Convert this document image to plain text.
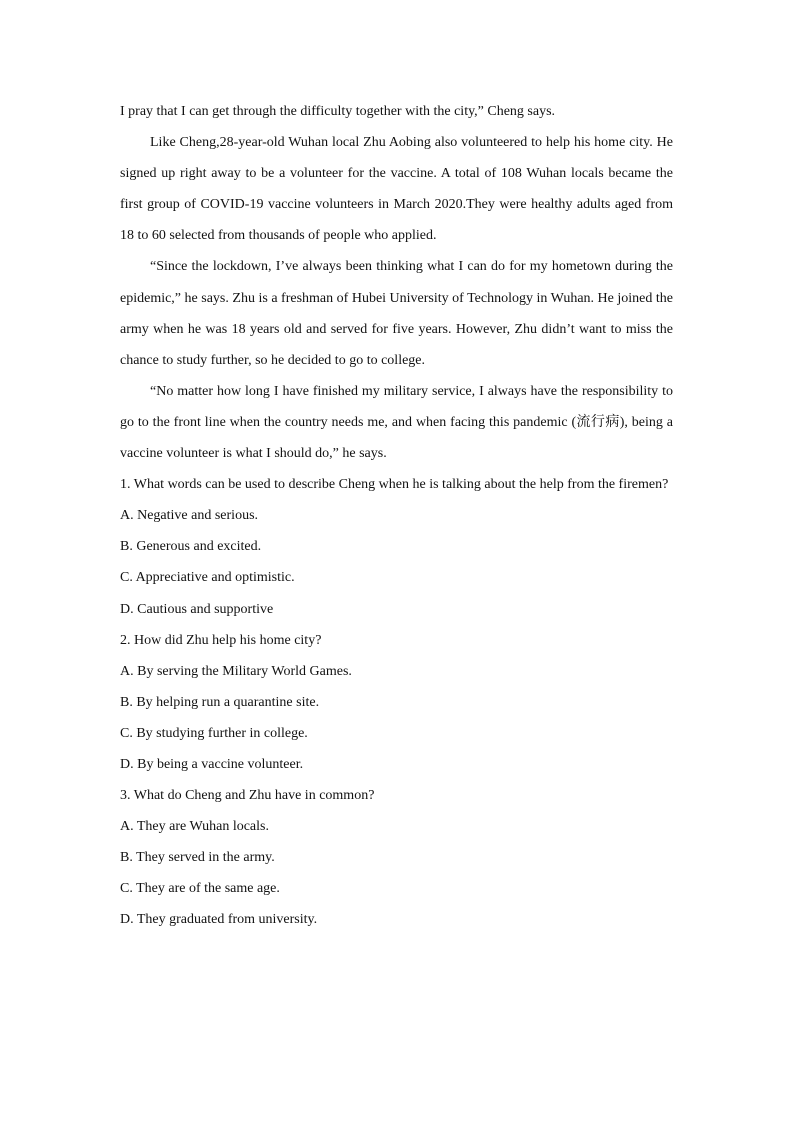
I pray that I can get through the difficulty together with the city,” Cheng says.

Like Cheng,28-year-old Wuhan local Zhu Aobing also volunteered to help his home city. He signed up right away to be a volunteer for the vaccine. A total of 108 Wuhan locals became the first group of COVID-19 vaccine volunteers in March 2020.They were healthy adults aged from 18 to 60 selected from thousands of people who applied.

“Since the lockdown, I’ve always been thinking what I can do for my hometown during the epidemic,” he says. Zhu is a freshman of Hubei University of Technology in Wuhan. He joined the army when he was 18 years old and served for five years. However, Zhu didn’t want to miss the chance to study further, so he decided to go to college.

“No matter how long I have finished my military service, I always have the responsibility to go to the front line when the country needs me, and when facing this pandemic (流行病), being a vaccine volunteer is what I should do,” he says.

1. What words can be used to describe Cheng when he is talking about the help from the firemen?

A. Negative and serious.

B. Generous and excited.

C. Appreciative and optimistic.

D. Cautious and supportive

2. How did Zhu help his home city?

A. By serving the Military World Games.

B. By helping run a quarantine site.

C. By studying further in college.

D. By being a vaccine volunteer.

3. What do Cheng and Zhu have in common?

A. They are Wuhan locals.

B. They served in the army.

C. They are of the same age.

D. They graduated from university.
